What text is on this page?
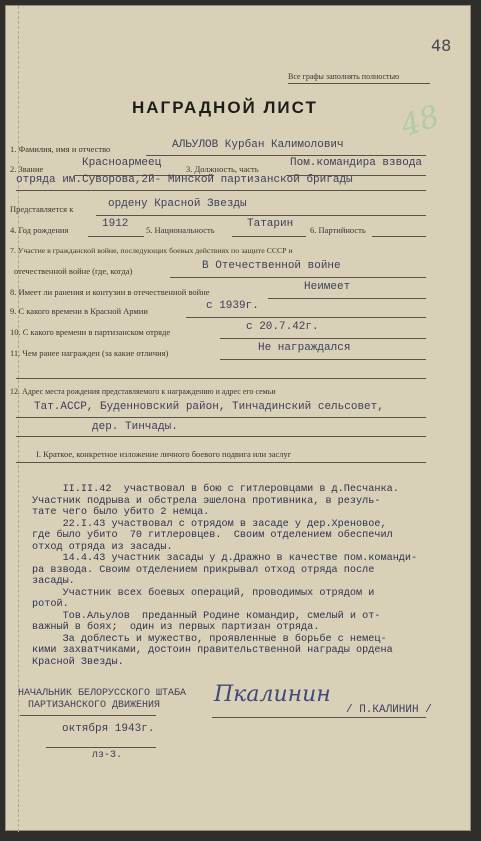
48
Все графы заполнять полностью
48
НАГРАДНОЙ ЛИСТ
1. Фамилия, имя и отчество	АЛЬУЛОВ Курбан Калимолович
2. Звание	Красноармеец	3. Должность, часть	Пом.командира взвода
отряда им.Суворова,2й- Минской партизанской бригады
Представляется к	ордену Красной Звезды
4. Год рождения	1912 5. Национальность	Татарин 6. Партийность
7. Участие в гражданской войне, последующих боевых действиях по защите СССР и
отечественной войне (где, когда)	В Отечественной войне
8. Имеет ли ранения и контузии в отечественной войне	Неимеет
9. С какого времени в Красной Армии	с 1939г.
10. С какого времени в партизанском отряде	с 20.7.42г.
11. Чем ранее награжден (за какие отличия)	Не награждался
12. Адрес места рождения представляемого к награждению и адрес его семьи
Тат.АССР, Буденновский район, Тинчадинский сельсовет,
дер. Тинчады.
I. Краткое, конкретное изложение личного боевого подвига или заслуг
II.II.42  участвовал в бою с гитлеровцами в д.Песчанка.
Участник подрыва и обстрела эшелона противника, в резуль-
тате чего было убито 2 немца.
22.I.43 участвовал с отрядом в засаде у дер.Хреновое,
где было убито  70 гитлеровцев.  Своим отделением обеспечил
отход отряда из засады.
14.4.43 участник засады у д.Дражно в качестве пом.команди-
ра взвода. Своим отделением прикрывал отход отряда после
засады.
Участник всех боевых операций, проводимых отрядом и
ротой.
Тов.Альулов  преданный Родине командир, смелый и от-
важный в боях;  один из первых партизан отряда.
За доблесть и мужество, проявленные в борьбе с немец-
кими захватчиками, достоин правительственной награды ордена
Красной Звезды.
НАЧАЛЬНИК БЕЛОРУССКОГО ШТАБА
ПАРТИЗАНСКОГО ДВИЖЕНИЯ Пкалинин
/ П.КАЛИНИН /
октября 1943г.
лз-3.
